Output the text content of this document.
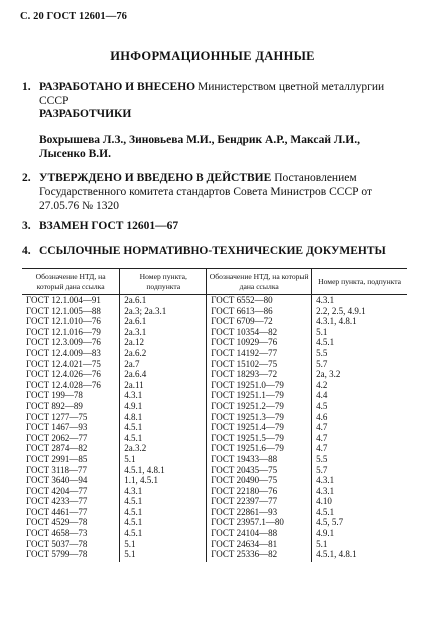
С. 20 ГОСТ 12601—76
ИНФОРМАЦИОННЫЕ ДАННЫЕ
1. РАЗРАБОТАНО И ВНЕСЕНО Министерством цветной металлургии СССР
РАЗРАБОТЧИКИ
Вохрышева Л.З., Зиновьева М.И., Бендрик А.Р., Максай Л.И., Лысенко В.И.
2. УТВЕРЖДЕНО И ВВЕДЕНО В ДЕЙСТВИЕ Постановлением Государственного комитета стандартов Совета Министров СССР от 27.05.76 № 1320
3. ВЗАМЕН ГОСТ 12601—67
4. ССЫЛОЧНЫЕ НОРМАТИВНО-ТЕХНИЧЕСКИЕ ДОКУМЕНТЫ
Обозначение НТД, на который дана ссылка	Номер пункта, подпункта	Обозначение НТД, на который дана ссылка	Номер пункта, подпункта
ГОСТ 12.1.004—91	2а.6.1	ГОСТ 6552—80	4.3.1
ГОСТ 12.1.005—88	2а.3; 2а.3.1	ГОСТ 6613—86	2.2, 2.5, 4.9.1
ГОСТ 12.1.010—76	2а.6.1	ГОСТ 6709—72	4.3.1, 4.8.1
ГОСТ 12.1.016—79	2а.3.1	ГОСТ 10354—82	5.1
ГОСТ 12.3.009—76	2а.12	ГОСТ 10929—76	4.5.1
ГОСТ 12.4.009—83	2а.6.2	ГОСТ 14192—77	5.5
ГОСТ 12.4.021—75	2а.7	ГОСТ 15102—75	5.7
ГОСТ 12.4.026—76	2а.6.4	ГОСТ 18293—72	2а, 3.2
ГОСТ 12.4.028—76	2а.11	ГОСТ 19251.0—79	4.2
ГОСТ 199—78	4.3.1	ГОСТ 19251.1—79	4.4
ГОСТ 892—89	4.9.1	ГОСТ 19251.2—79	4.5
ГОСТ 1277—75	4.8.1	ГОСТ 19251.3—79	4.6
ГОСТ 1467—93	4.5.1	ГОСТ 19251.4—79	4.7
ГОСТ 2062—77	4.5.1	ГОСТ 19251.5—79	4.7
ГОСТ 2874—82	2а.3.2	ГОСТ 19251.6—79	4.7
ГОСТ 2991—85	5.1	ГОСТ 19433—88	5.5
ГОСТ 3118—77	4.5.1, 4.8.1	ГОСТ 20435—75	5.7
ГОСТ 3640—94	1.1, 4.5.1	ГОСТ 20490—75	4.3.1
ГОСТ 4204—77	4.3.1	ГОСТ 22180—76	4.3.1
ГОСТ 4233—77	4.5.1	ГОСТ 22397—77	4.10
ГОСТ 4461—77	4.5.1	ГОСТ 22861—93	4.5.1
ГОСТ 4529—78	4.5.1	ГОСТ 23957.1—80	4.5, 5.7
ГОСТ 4658—73	4.5.1	ГОСТ 24104—88	4.9.1
ГОСТ 5037—78	5.1	ГОСТ 24634—81	5.1
ГОСТ 5799—78	5.1	ГОСТ 25336—82	4.5.1, 4.8.1
